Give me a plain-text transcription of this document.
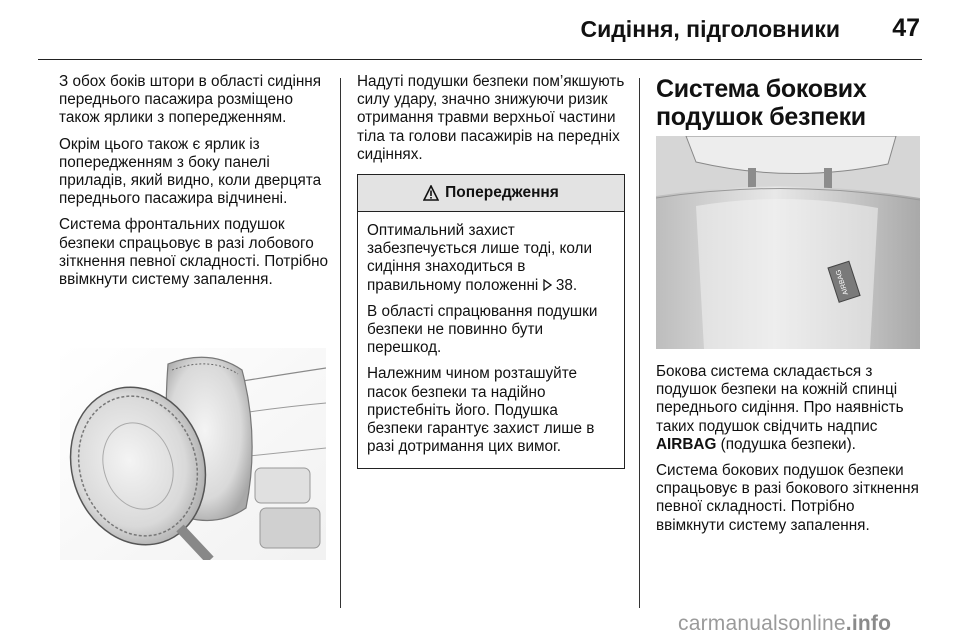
Сидіння, підголовники 47

З обох боків штори в області сидіння переднього пасажира розміщено також ярлики з попередженням.

Окрім цього також є ярлик із попередженням з боку панелі приладів, який видно, коли дверцята переднього пасажира відчинені.

Система фронтальних подушок безпеки спрацьовує в разі лобового зіткнення певної складності. Потрібно ввімкнути систему запалення.

Надуті подушки безпеки пом’якшують силу удару, значно знижуючи ризик отримання травми верхньої частини тіла та голови пасажирів на передніх сидіннях.

Попередження

Оптимальний захист забезпечується лише тоді, коли сидіння знаходиться в правильному положенні  38.

В області спрацювання подушки безпеки не повинно бути перешкод.

Належним чином розташуйте пасок безпеки та надійно пристебніть його. Подушка безпеки гарантує захист лише в разі дотримання цих вимог.

Система бокових подушок безпеки

Бокова система складається з подушок безпеки на кожній спинці переднього сидіння. Про наявність таких подушок свідчить надпис AIRBAG (подушка безпеки).

Система бокових подушок безпеки спрацьовує в разі бокового зіткнення певної складності. Потрібно ввімкнути систему запалення.

AIRBAG
carmanualsonline.info
